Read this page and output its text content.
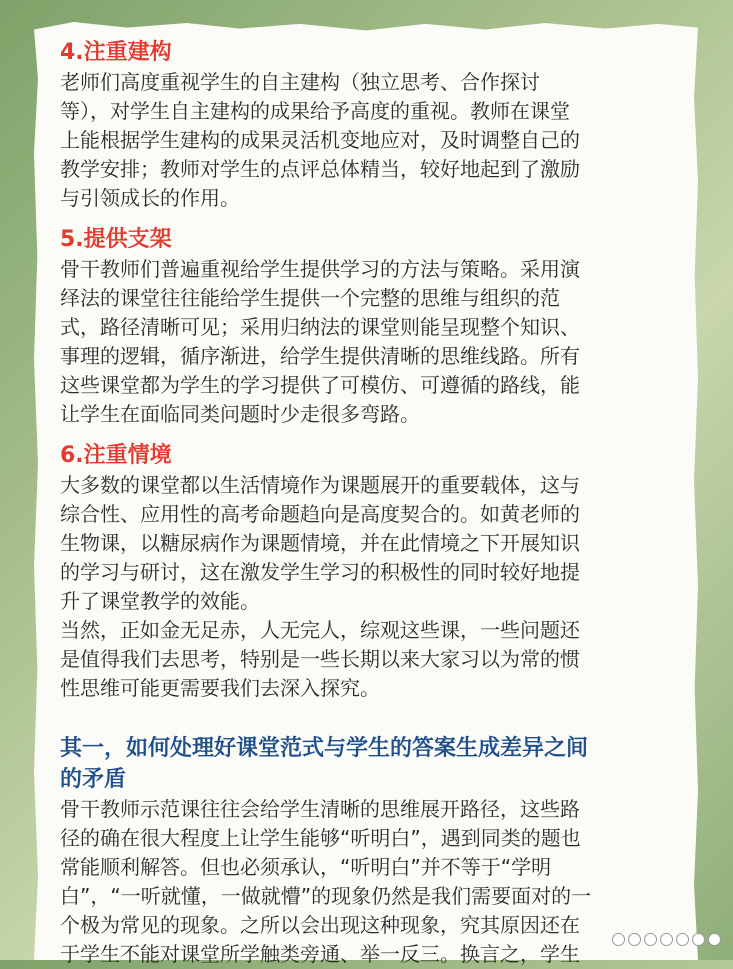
4.注重建构

老师们高度重视学生的自主建构（独立思考、合作探讨

等），对学生自主建构的成果给予高度的重视。教师在课堂

上能根据学生建构的成果灵活机变地应对，及时调整自己的

教学安排；教师对学生的点评总体精当，较好地起到了激励

与引领成长的作用。

5.提供支架

骨干教师们普遍重视给学生提供学习的方法与策略。采用演

绎法的课堂往往能给学生提供一个完整的思维与组织的范

式，路径清晰可见；采用归纳法的课堂则能呈现整个知识、

事理的逻辑，循序渐进，给学生提供清晰的思维线路。所有

这些课堂都为学生的学习提供了可模仿、可遵循的路线，能

让学生在面临同类问题时少走很多弯路。

6.注重情境

大多数的课堂都以生活情境作为课题展开的重要载体，这与

综合性、应用性的高考命题趋向是高度契合的。如黄老师的

生物课，以糖尿病作为课题情境，并在此情境之下开展知识

的学习与研讨，这在激发学生学习的积极性的同时较好地提

升了课堂教学的效能。

当然，正如金无足赤，人无完人，综观这些课，一些问题还

是值得我们去思考，特别是一些长期以来大家习以为常的惯

性思维可能更需要我们去深入探究。

其一，如何处理好课堂范式与学生的答案生成差异之间
的矛盾

骨干教师示范课往往会给学生清晰的思维展开路径，这些路

径的确在很大程度上让学生能够“听明白”，遇到同类的题也

常能顺利解答。但也必须承认，“听明白”并不等于“学明

白”，“一听就懂，一做就懵”的现象仍然是我们需要面对的一

个极为常见的现象。之所以会出现这种现象，究其原因还在

于学生不能对课堂所学触类旁通、举一反三。换言之，学生
